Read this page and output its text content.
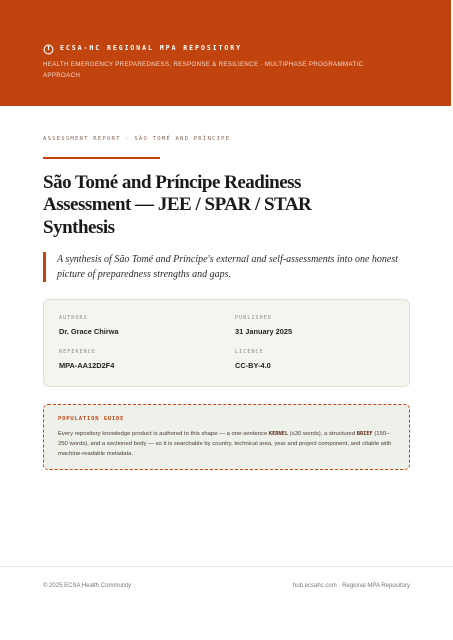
ECSA-HC REGIONAL MPA REPOSITORY
HEALTH EMERGENCY PREPAREDNESS, RESPONSE & RESILIENCE · MULTIPHASE PROGRAMMATIC APPROACH
ASSESSMENT REPORT · SÃO TOMÉ AND PRÍNCIPE
São Tomé and Príncipe Readiness Assessment — JEE / SPAR / STAR Synthesis

A synthesis of São Tomé and Príncipe's external and self-assessments into one honest picture of preparedness strengths and gaps.

AUTHORS
Dr. Grace Chirwa
PUBLISHED
31 January 2025
REFERENCE
MPA-AA12D2F4
LICENCE
CC-BY-4.0
POPULATION GUIDE
Every repository knowledge product is authored to this shape — a one-sentence KERNEL (≤30 words), a structured BRIEF (150–250 words), and a sectioned body — so it is searchable by country, technical area, year and project component, and citable with machine-readable metadata.
© 2025 ECSA Health Community	hub.ecsahc.com · Regional MPA Repository
